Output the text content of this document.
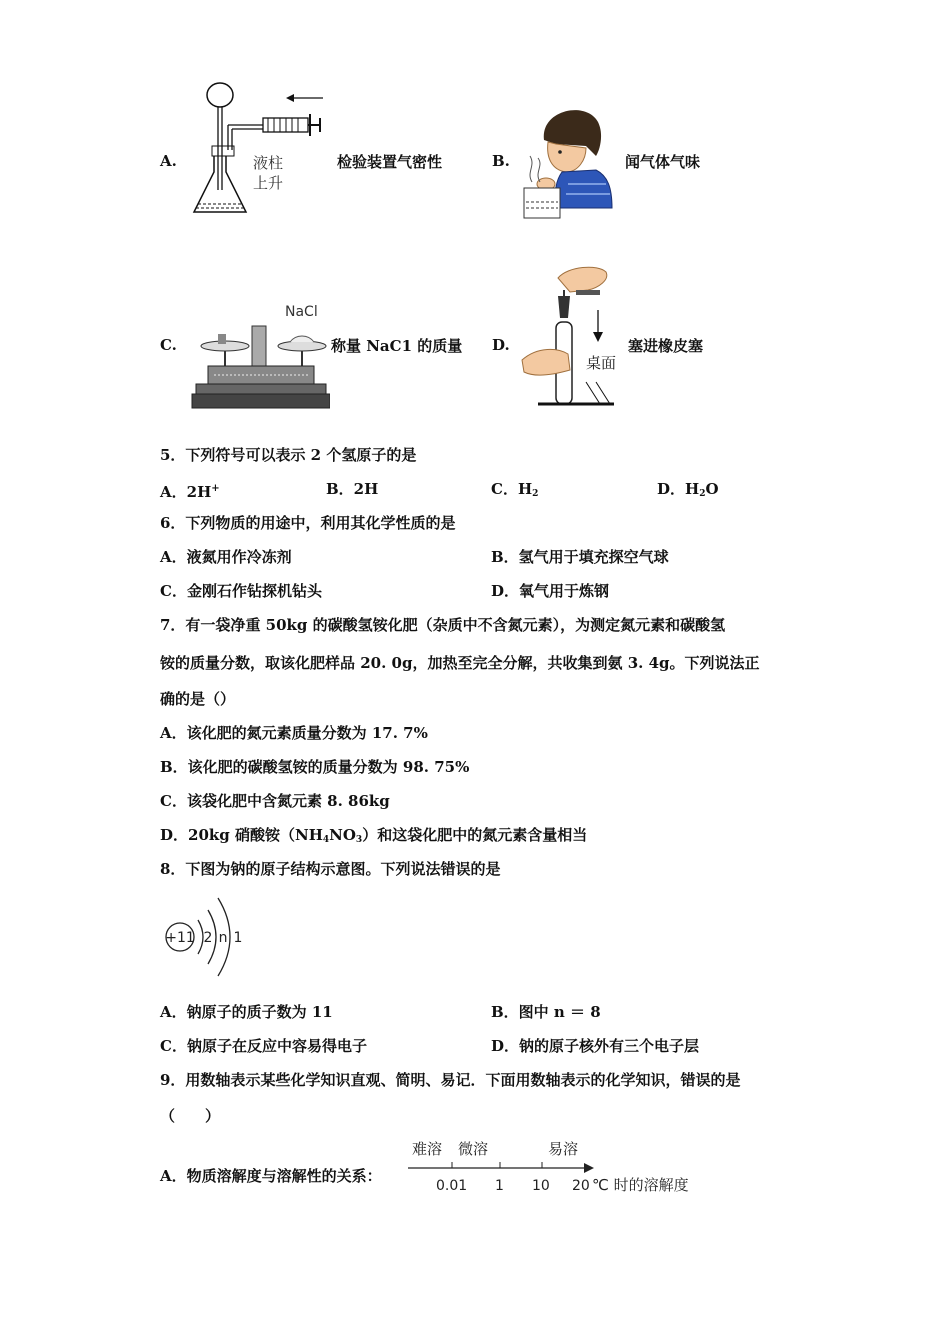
A.	液柱
上升
检验装置气密性	B.	闻气体气味
C.
NaCl
称量 NaC1 的质量 D.
桌面
塞进橡皮塞
5．下列符号可以表示 2 个氢原子的是
A．2H+	B．2H	C．$H_2$	D．$H_2O$
6．下列物质的用途中，利用其化学性质的是
A．液氮用作冷冻剂	B．氢气用于填充探空气球
C．金刚石作钻探机钻头	D．氧气用于炼钢
7．有一袋净重 50kg 的碳酸氢铵化肥（杂质中不含氮元素），为测定氮元素和碳酸氢
铵的质量分数，取该化肥样品 20. 0g，加热至完全分解，共收集到氨 3. 4g。下列说法正
确的是（）
A．该化肥的氮元素质量分数为 17. 7%
B．该化肥的碳酸氢铵的质量分数为 98. 75%
C．该袋化肥中含氮元素 8. 86kg
D．20kg 硝酸铵$(NH_4NO_3)$和这袋化肥中的氮元素含量相当
8．下图为钠的原子结构示意图。下列说法错误的是
+11 2 n 1
A．钠原子的质子数为 11	B．图中 n ＝ 8
C．钠原子在反应中容易得电子	D．钠的原子核外有三个电子层
9．用数轴表示某些化学知识直观、简明、易记．下面用数轴表示的化学知识，错误的是
（　　）
A．物质溶解度与溶解性的关系：
难溶 微溶	易溶
0.01 1 10 20 ℃ 时的溶解度
